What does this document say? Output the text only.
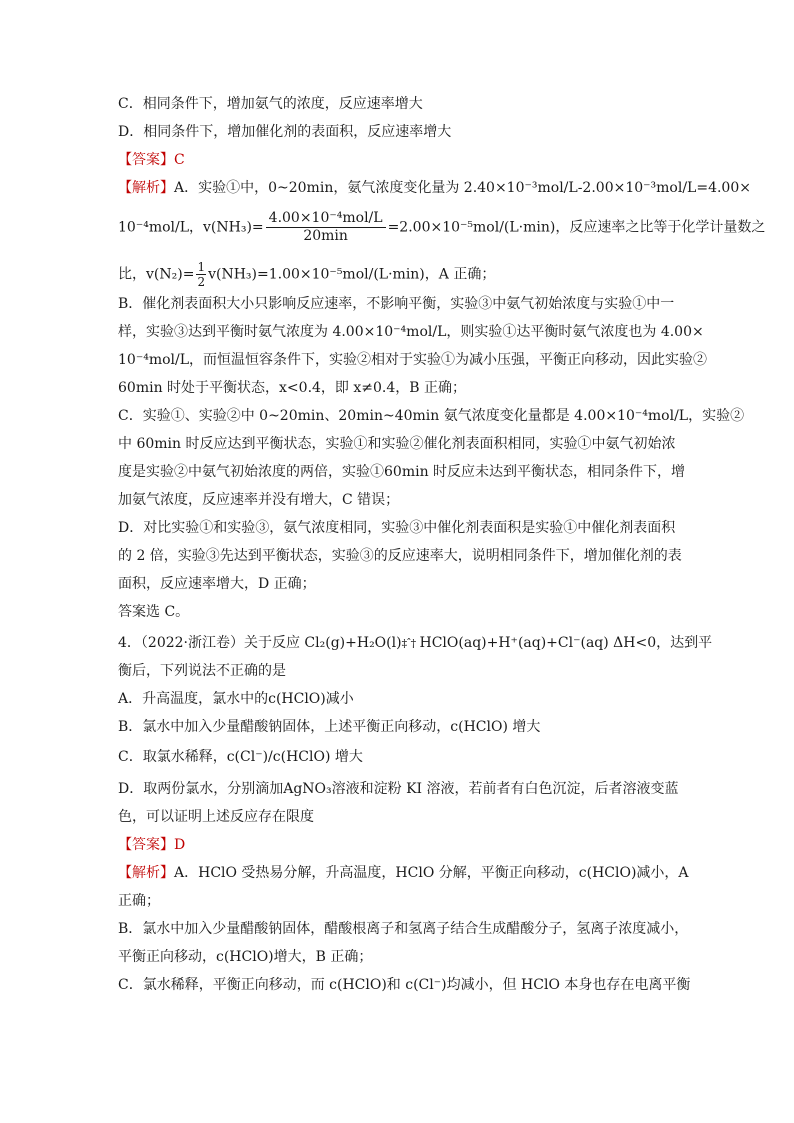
C．相同条件下，增加氨气的浓度，反应速率增大
D．相同条件下，增加催化剂的表面积，反应速率增大
【答案】C
【解析】A．实验①中，0~20min，氨气浓度变化量为 2.40×10⁻³mol/L-2.00×10⁻³mol/L=4.00×
10⁻⁴mol/L，$v(NH_3)= \frac{\text{4.00×10⁻⁴mol/L}}{20\min} =2.00\times 10^{-5}mol/(L\cdot\min)$，反应速率之比等于化学计量数之
比，$v(N_2)= \frac{1}{2} v(NH_3)=1.00\times 10^{-5}mol/(L\cdot\min)$，A 正确；
B．催化剂表面积大小只影响反应速率，不影响平衡，实验③中氨气初始浓度与实验①中一
样，实验③达到平衡时氨气浓度为 4.00×10⁻⁴mol/L，则实验①达平衡时氨气浓度也为 4.00×
10⁻⁴mol/L，而恒温恒容条件下，实验②相对于实验①为减小压强，平衡正向移动，因此实验②
60min 时处于平衡状态，x<0.4，即 x≠0.4，B 正确；
C．实验①、实验②中 0~20min、20min~40min 氨气浓度变化量都是 4.00×10⁻⁴mol/L，实验②
中 60min 时反应达到平衡状态，实验①和实验②催化剂表面积相同，实验①中氨气初始浓
度是实验②中氨气初始浓度的两倍，实验①60min 时反应未达到平衡状态，相同条件下，增
加氨气浓度，反应速率并没有增大，C 错误；
D．对比实验①和实验③，氨气浓度相同，实验③中催化剂表面积是实验①中催化剂表面积
的 2 倍，实验③先达到平衡状态，实验③的反应速率大，说明相同条件下，增加催化剂的表
面积，反应速率增大，D 正确；
答案选 C。
4．（2022·浙江卷）关于反应 Cl₂(g)+H₂O(l)‡ˆ† HClO(aq)+H⁺(aq)+Cl⁻(aq) ΔH<0，达到平
衡后，下列说法不正确的是
A．升高温度，氯水中的c(HClO)减小
B．氯水中加入少量醋酸钠固体，上述平衡正向移动，c(HClO) 增大
C．取氯水稀释，c(Cl⁻)/c(HClO) 增大
D．取两份氯水，分别滴加AgNO₃溶液和淀粉 KI 溶液，若前者有白色沉淀，后者溶液变蓝
色，可以证明上述反应存在限度
【答案】D
【解析】A．HClO 受热易分解，升高温度，HClO 分解，平衡正向移动，c(HClO)减小，A
正确；
B．氯水中加入少量醋酸钠固体，醋酸根离子和氢离子结合生成醋酸分子，氢离子浓度减小，
平衡正向移动，c(HClO)增大，B 正确；
C．氯水稀释，平衡正向移动，而 c(HClO)和 c(Cl⁻)均减小，但 HClO 本身也存在电离平衡
